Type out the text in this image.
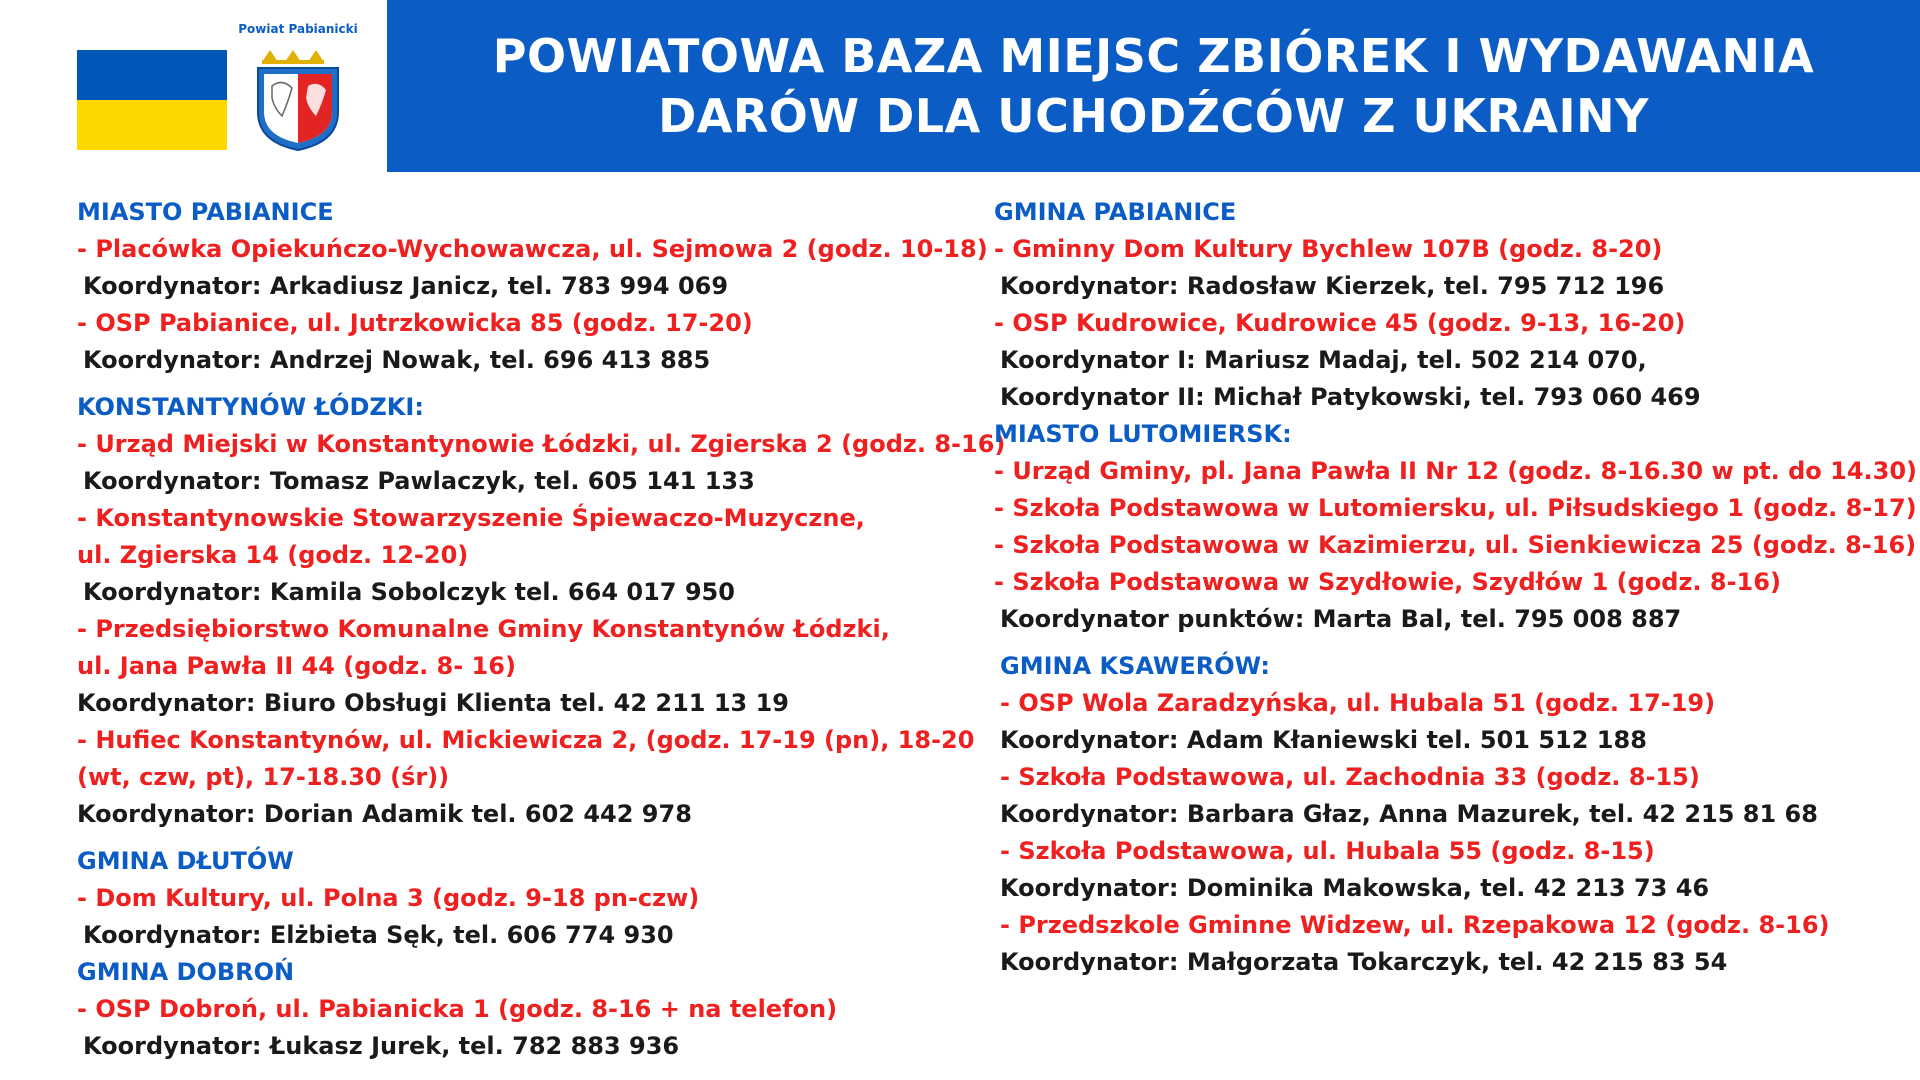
Powiat Pabianicki	POWIATOWA BAZA MIEJSC ZBIÓREK I WYDAWANIA
DARÓW DLA UCHODŹCÓW Z UKRAINY
MIASTO PABIANICE
- Placówka Opiekuńczo-Wychowawcza, ul. Sejmowa 2 (godz. 10-18)
Koordynator: Arkadiusz Janicz, tel. 783 994 069
- OSP Pabianice, ul. Jutrzkowicka 85 (godz. 17-20)
Koordynator: Andrzej Nowak, tel. 696 413 885
KONSTANTYNÓW ŁÓDZKI:
- Urząd Miejski w Konstantynowie Łódzki, ul. Zgierska 2 (godz. 8-16)
Koordynator: Tomasz Pawlaczyk, tel. 605 141 133
- Konstantynowskie Stowarzyszenie Śpiewaczo-Muzyczne,
ul. Zgierska 14 (godz. 12-20)
Koordynator: Kamila Sobolczyk tel. 664 017 950
- Przedsiębiorstwo Komunalne Gminy Konstantynów Łódzki,
ul. Jana Pawła II 44 (godz. 8- 16)
Koordynator: Biuro Obsługi Klienta tel. 42 211 13 19
- Hufiec Konstantynów, ul. Mickiewicza 2, (godz. 17-19 (pn), 18-20
(wt, czw, pt), 17-18.30 (śr))
Koordynator: Dorian Adamik tel. 602 442 978
GMINA DŁUTÓW
- Dom Kultury, ul. Polna 3 (godz. 9-18 pn-czw)
Koordynator: Elżbieta Sęk, tel. 606 774 930
GMINA DOBROŃ
- OSP Dobroń, ul. Pabianicka 1 (godz. 8-16 + na telefon)
Koordynator: Łukasz Jurek, tel. 782 883 936
GMINA PABIANICE
- Gminny Dom Kultury Bychlew 107B (godz. 8-20)
Koordynator: Radosław Kierzek, tel. 795 712 196
- OSP Kudrowice, Kudrowice 45 (godz. 9-13, 16-20)
Koordynator I: Mariusz Madaj, tel. 502 214 070,
Koordynator II: Michał Patykowski, tel. 793 060 469
MIASTO LUTOMIERSK:
- Urząd Gminy, pl. Jana Pawła II Nr 12 (godz. 8-16.30 w pt. do 14.30)
- Szkoła Podstawowa w Lutomiersku, ul. Piłsudskiego 1 (godz. 8-17)
- Szkoła Podstawowa w Kazimierzu, ul. Sienkiewicza 25 (godz. 8-16)
- Szkoła Podstawowa w Szydłowie, Szydłów 1 (godz. 8-16)
Koordynator punktów: Marta Bal, tel. 795 008 887
GMINA KSAWERÓW:
- OSP Wola Zaradzyńska, ul. Hubala 51 (godz. 17-19)
Koordynator: Adam Kłaniewski tel. 501 512 188
- Szkoła Podstawowa, ul. Zachodnia 33 (godz. 8-15)
Koordynator: Barbara Głaz, Anna Mazurek, tel. 42 215 81 68
- Szkoła Podstawowa, ul. Hubala 55 (godz. 8-15)
Koordynator: Dominika Makowska, tel. 42 213 73 46
- Przedszkole Gminne Widzew, ul. Rzepakowa 12 (godz. 8-16)
Koordynator: Małgorzata Tokarczyk, tel. 42 215 83 54
